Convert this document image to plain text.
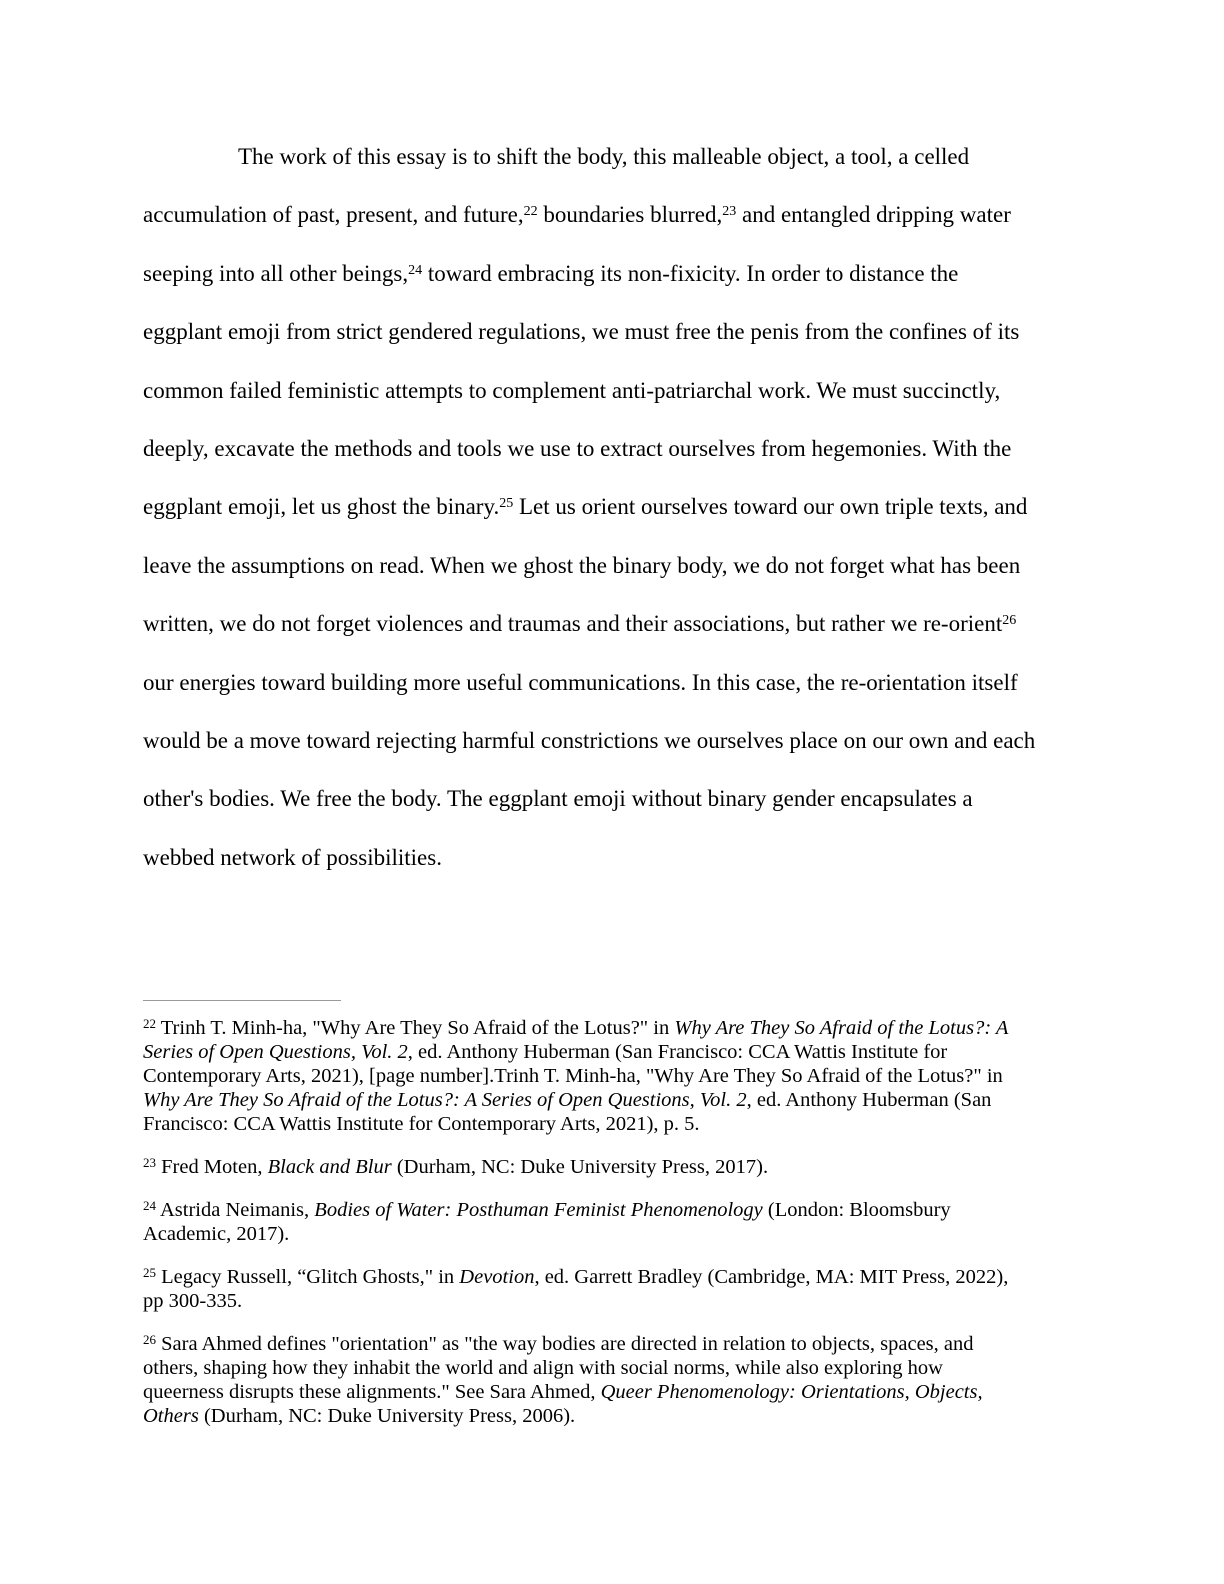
The work of this essay is to shift the body, this malleable object, a tool, a celled
accumulation of past, present, and future,$^{22}$ boundaries blurred,$^{23}$ and entangled dripping water
seeping into all other beings,$^{24}$ toward embracing its non-fixicity. In order to distance the
eggplant emoji from strict gendered regulations, we must free the penis from the confines of its
common failed feministic attempts to complement anti-patriarchal work. We must succinctly,
deeply, excavate the methods and tools we use to extract ourselves from hegemonies. With the
eggplant emoji, let us ghost the binary.$^{25}$ Let us orient ourselves toward our own triple texts, and
leave the assumptions on read. When we ghost the binary body, we do not forget what has been
written, we do not forget violences and traumas and their associations, but rather we re-orient$^{26}$
our energies toward building more useful communications. In this case, the re-orientation itself
would be a move toward rejecting harmful constrictions we ourselves place on our own and each
other's bodies. We free the body. The eggplant emoji without binary gender encapsulates a
webbed network of possibilities.
$^{22}$ Trinh T. Minh-ha, "Why Are They So Afraid of the Lotus?" in Why Are They So Afraid of the Lotus?: A
Series of Open Questions, Vol. 2, ed. Anthony Huberman (San Francisco: CCA Wattis Institute for
Contemporary Arts, 2021), [page number].Trinh T. Minh-ha, "Why Are They So Afraid of the Lotus?" in
Why Are They So Afraid of the Lotus?: A Series of Open Questions, Vol. 2, ed. Anthony Huberman (San
Francisco: CCA Wattis Institute for Contemporary Arts, 2021), p. 5.
$^{23}$ Fred Moten, Black and Blur (Durham, NC: Duke University Press, 2017).
$^{24}$ Astrida Neimanis, Bodies of Water: Posthuman Feminist Phenomenology (London: Bloomsbury
Academic, 2017).
$^{25}$ Legacy Russell, “Glitch Ghosts," in Devotion, ed. Garrett Bradley (Cambridge, MA: MIT Press, 2022),
pp 300-335.
$^{26}$ Sara Ahmed defines "orientation" as "the way bodies are directed in relation to objects, spaces, and
others, shaping how they inhabit the world and align with social norms, while also exploring how
queerness disrupts these alignments." See Sara Ahmed, Queer Phenomenology: Orientations, Objects,
Others (Durham, NC: Duke University Press, 2006).
